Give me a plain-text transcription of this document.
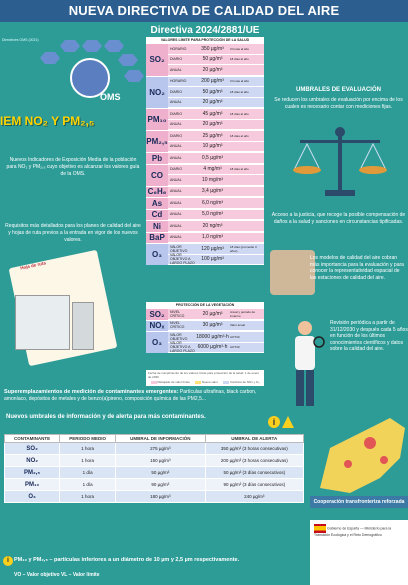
NUEVA DIRECTIVA DE CALIDAD DEL AIRE
Directrices OMS (2021)
OMS
IEM NO₂ Y PM₂,₅
Nuevos Indicadores de Exposición Media de la población para NO₂ y PM₂,₅ cuyo objetivo es alcanzar los valores guía de la OMS.
Requisitos más detallados para los planes de calidad del aire y hojas de ruta previos a la entrada en vigor de los nuevos valores.
Hoja de ruta
Directiva 2024/2881/UE
VALORES LÍMITE PARA PROTECCIÓN DE LA SALUD
SO₂
HORARIO	350 µg/m³	3 horas al año
DIARIO	50 µg/m³	18 días al año
ANUAL	20 µg/m³
NO₂
HORARIO	200 µg/m³	3 horas al año
DIARIO	50 µg/m³	18 días al año
ANUAL	20 µg/m³
PM₁₀
DIARIO	45 µg/m³	18 días al año
ANUAL	20 µg/m³
PM₂,₅
DIARIO	25 µg/m³	18 días al año
ANUAL	10 µg/m³
Pb	ANUAL	0,5 µg/m³
CO
DIARIO	4 mg/m³	18 días al año
ANUAL	10 mg/m³
C₆H₆	ANUAL	3,4 µg/m³
As	ANUAL	6,0 ng/m³
Cd	ANUAL	5,0 ng/m³
Ni	ANUAL	20 ng/m³
BaP	ANUAL	1,0 ng/m³
O₃
VALOR OBJETIVO	120 µg/m³	18 días (promedio 3 años)
VALOR OBJETIVO A LARGO PLAZO
100 µg/m³
PROTECCIÓN DE LA VEGETACIÓN
SO₂	NIVEL CRÍTICO	20 µg/m³	Anual y periodo de invierno
NOₓ	NIVEL CRÍTICO	30 µg/m³	Valor anual
O₃
VALOR OBJETIVO	18000 µg/m³·h AOT40
VALOR OBJETIVO A LARGO PLAZO
6000 µg/m³·h AOT40
Fecha de cumplimiento de los valores límite para protección de la salud: 1 de enero de 2030
Rebajado de valor límite	Nuevo valor	Cambios de NOx y O₃
UMBRALES DE EVALUACIÓN
Se reducen los umbrales de evaluación por encima de los cuales es necesario contar con mediciones fijas.
Acceso a la justicia, que recoge la posible compensación de daños a la salud y sanciones en circunstancias tipificadas.
Los modelos de calidad del aire cobran más importancia para la evaluación y para conocer la representatividad espacial de las estaciones de calidad del aire.
Revisión periódica a partir de 31/12/2030 y después cada 5 años en función de los últimos conocimientos científicos y datos sobre la calidad del aire.
Superemplazamientos de medición de contaminantes emergentes: Partículas ultrafinas, black carbon, amoníaco, depósitos de metales y de benzo(a)pireno, composición química de las PM2,5...
Nuevos umbrales de información y de alerta para más contaminantes.	i
CONTAMINANTE	PERIODO MEDIO	UMBRAL DE INFORMACIÓN	UMBRAL DE ALERTA
SO₂	1 hora	275 µg/m³	350 µg/m³ (3 horas consecutivas)
NO₂	1 hora	150 µg/m³	200 µg/m³ (3 horas consecutivas)
PM₂,₅	1 día	50 µg/m³	50 µg/m³ (3 días consecutivos)
PM₁₀	1 día	90 µg/m³	90 µg/m³ (3 días consecutivos)
O₃	1 hora	180 µg/m³	240 µg/m³
i PM₁₀ y PM₂,₅ – partículas inferiores a un diámetro de 10 µm y 2,5 µm respectivamente.
VO – Valor objetivo VL – Valor límite
Cooperación transfronteriza reforzada
Gobierno de España — Ministerio para la Transición Ecológica y el Reto Demográfico
